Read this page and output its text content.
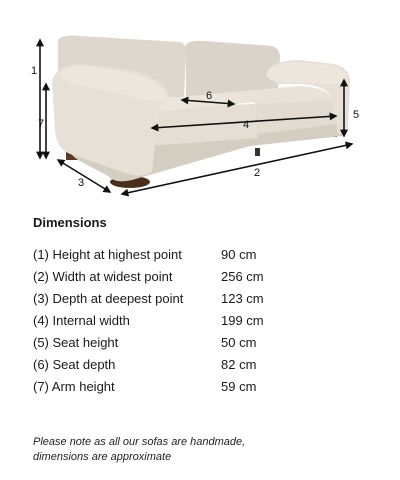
1
7
5
3
2
4
6
Dimensions
(1) Height at highest point	90 cm
(2) Width at widest point	256 cm
(3) Depth at deepest point	123 cm
(4) Internal width	199 cm
(5) Seat height	50 cm
(6) Seat depth	82 cm
(7) Arm height	59 cm
Please note as all our sofas are handmade,
dimensions are approximate
